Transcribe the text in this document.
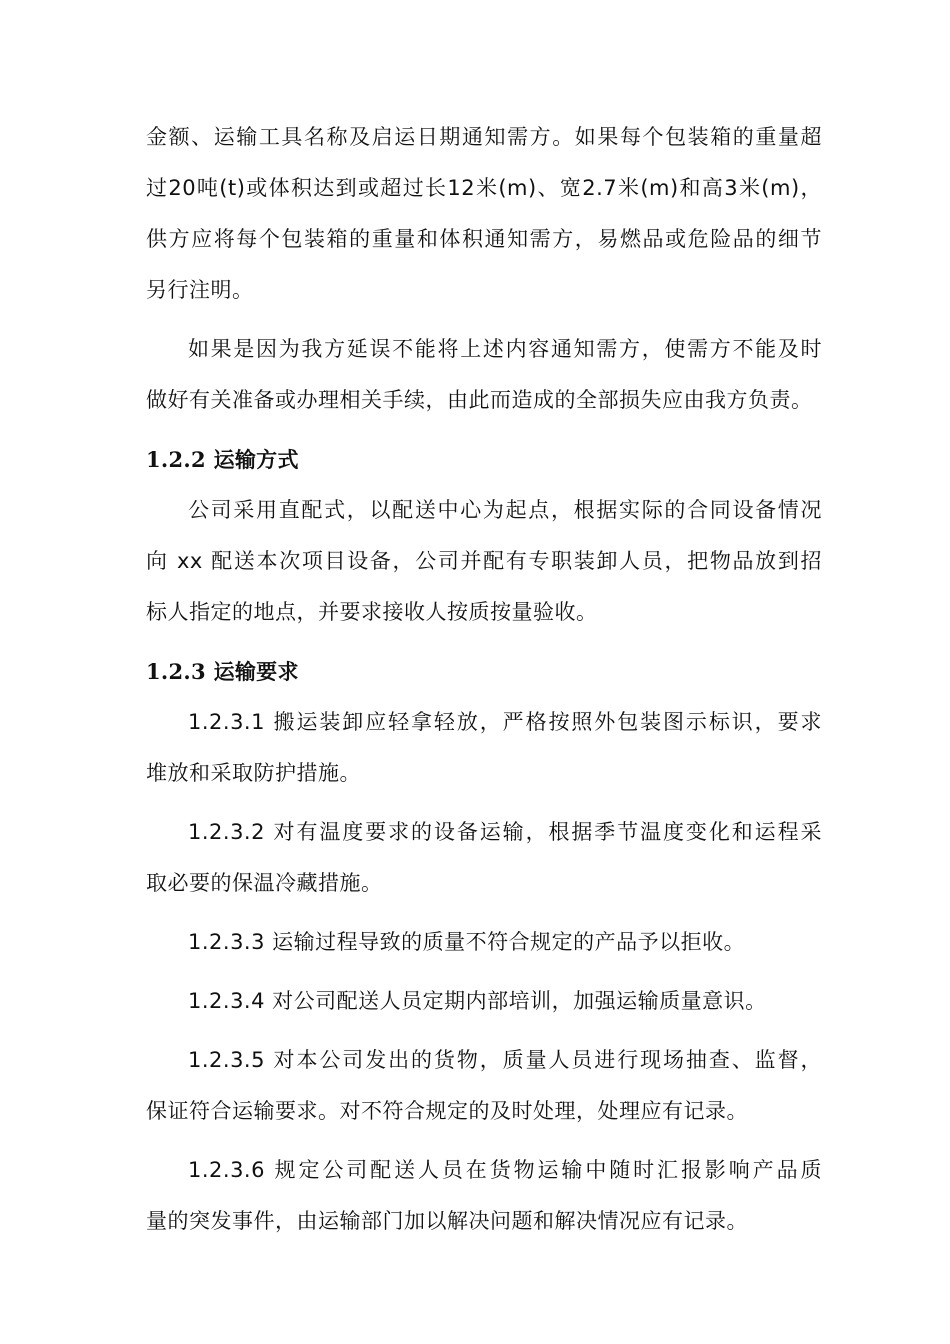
金额、运输工具名称及启运日期通知需方。如果每个包装箱的重量超
过20吨(t)或体积达到或超过长12米(m)、宽2.7米(m)和高3米(m)，
供方应将每个包装箱的重量和体积通知需方，易燃品或危险品的细节
另行注明。

如果是因为我方延误不能将上述内容通知需方，使需方不能及时
做好有关准备或办理相关手续，由此而造成的全部损失应由我方负责。

1.2.2 运输方式

公司采用直配式，以配送中心为起点，根据实际的合同设备情况
向 xx 配送本次项目设备，公司并配有专职装卸人员，把物品放到招
标人指定的地点，并要求接收人按质按量验收。

1.2.3 运输要求

1.2.3.1 搬运装卸应轻拿轻放，严格按照外包装图示标识，要求
堆放和采取防护措施。

1.2.3.2 对有温度要求的设备运输，根据季节温度变化和运程采
取必要的保温冷藏措施。

1.2.3.3 运输过程导致的质量不符合规定的产品予以拒收。

1.2.3.4 对公司配送人员定期内部培训，加强运输质量意识。

1.2.3.5 对本公司发出的货物，质量人员进行现场抽查、监督，
保证符合运输要求。对不符合规定的及时处理，处理应有记录。

1.2.3.6 规定公司配送人员在货物运输中随时汇报影响产品质
量的突发事件，由运输部门加以解决问题和解决情况应有记录。
